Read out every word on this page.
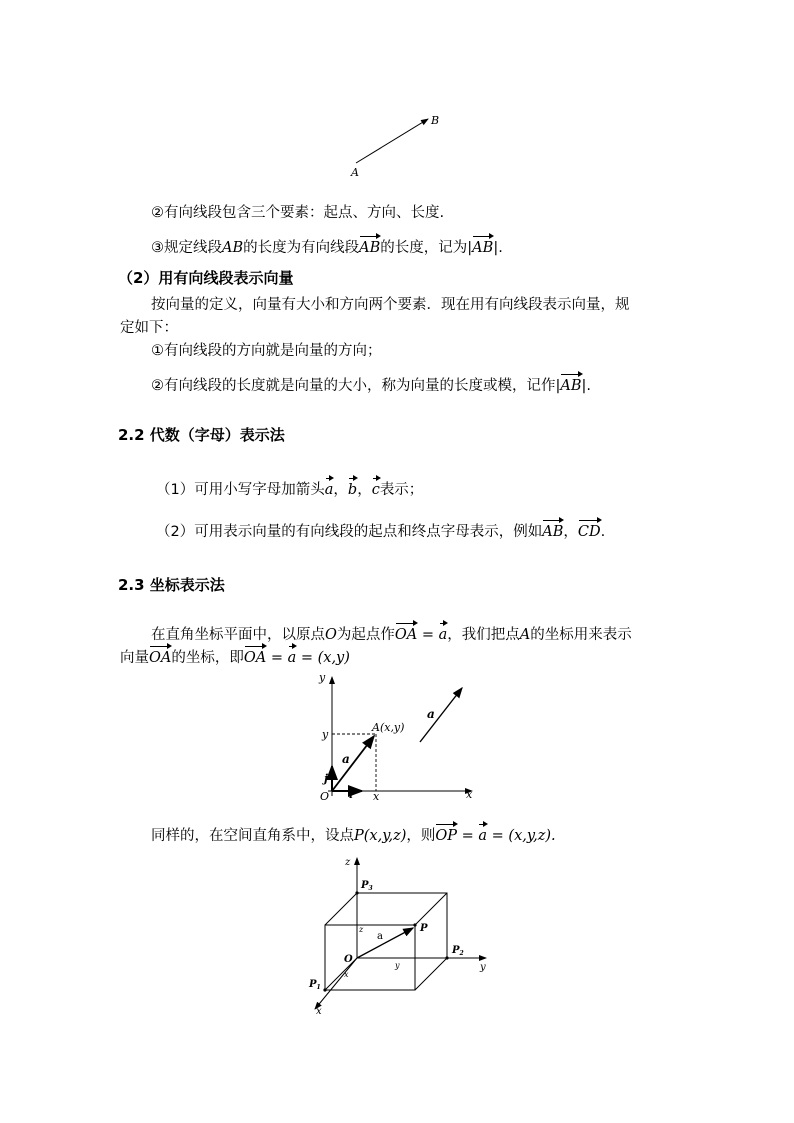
B
A
②有向线段包含三个要素：起点、方向、长度.
③规定线段AB的长度为有向线段AB的长度，记为|AB|.
（2）用有向线段表示向量
按向量的定义，向量有大小和方向两个要素．现在用有向线段表示向量，规
定如下：
①有向线段的方向就是向量的方向；
②有向线段的长度就是向量的大小，称为向量的长度或模，记作|AB|.
2.2 代数（字母）表示法
（1）可用小写字母加箭头a，b，c表示；
（2）可用表示向量的有向线段的起点和终点字母表示，例如AB，CD.
2.3 坐标表示法
在直角坐标平面中，以原点O为起点作OA = a，我们把点A的坐标用来表示
向量OA的坐标，即OA = a = (x,y)
y
x
O
y
x
A(x,y)
a
a
i
j
同样的，在空间直角系中，设点P(x,y,z)，则OP = a = (x,y,z).
z
y
x
O
P
$P_3$
$P_2$
$P_1$
a
z
x
y
